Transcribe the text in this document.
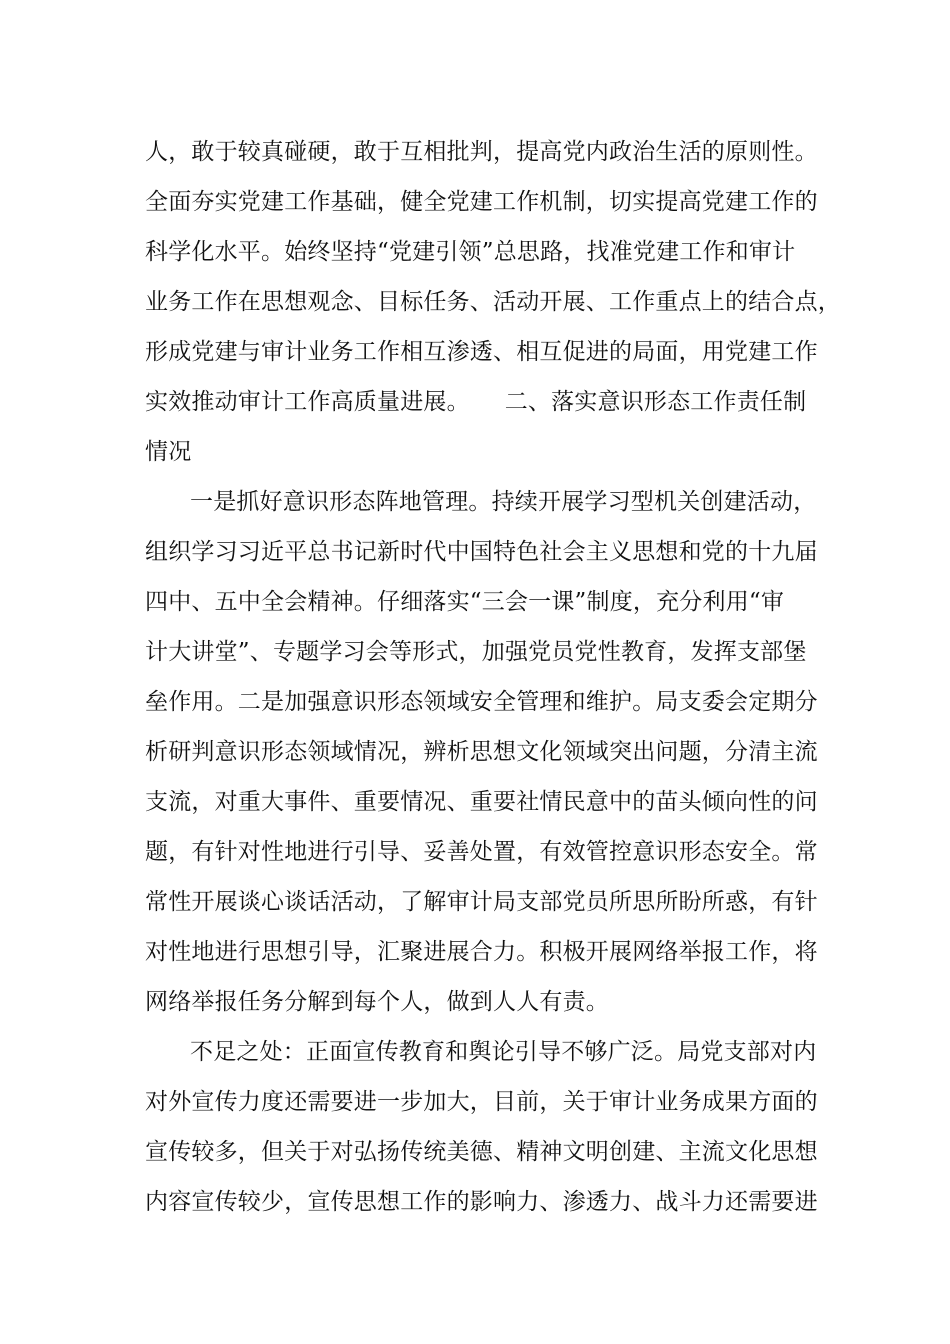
人，敢于较真碰硬，敢于互相批判，提高党内政治生活的原则性。
全面夯实党建工作基础，健全党建工作机制，切实提高党建工作的
科学化水平。始终坚持“党建引领”总思路，找准党建工作和审计
业务工作在思想观念、目标任务、活动开展、工作重点上的结合点，
形成党建与审计业务工作相互渗透、相互促进的局面，用党建工作
实效推动审计工作高质量进展。　　二、落实意识形态工作责任制
情况
一是抓好意识形态阵地管理。持续开展学习型机关创建活动，
组织学习习近平总书记新时代中国特色社会主义思想和党的十九届
四中、五中全会精神。仔细落实“三会一课”制度，充分利用“审
计大讲堂”、专题学习会等形式，加强党员党性教育，发挥支部堡
垒作用。二是加强意识形态领域安全管理和维护。局支委会定期分
析研判意识形态领域情况，辨析思想文化领域突出问题，分清主流
支流，对重大事件、重要情况、重要社情民意中的苗头倾向性的问
题，有针对性地进行引导、妥善处置，有效管控意识形态安全。常
常性开展谈心谈话活动，了解审计局支部党员所思所盼所惑，有针
对性地进行思想引导，汇聚进展合力。积极开展网络举报工作，将
网络举报任务分解到每个人，做到人人有责。
不足之处：正面宣传教育和舆论引导不够广泛。局党支部对内
对外宣传力度还需要进一步加大，目前，关于审计业务成果方面的
宣传较多，但关于对弘扬传统美德、精神文明创建、主流文化思想
内容宣传较少，宣传思想工作的影响力、渗透力、战斗力还需要进
